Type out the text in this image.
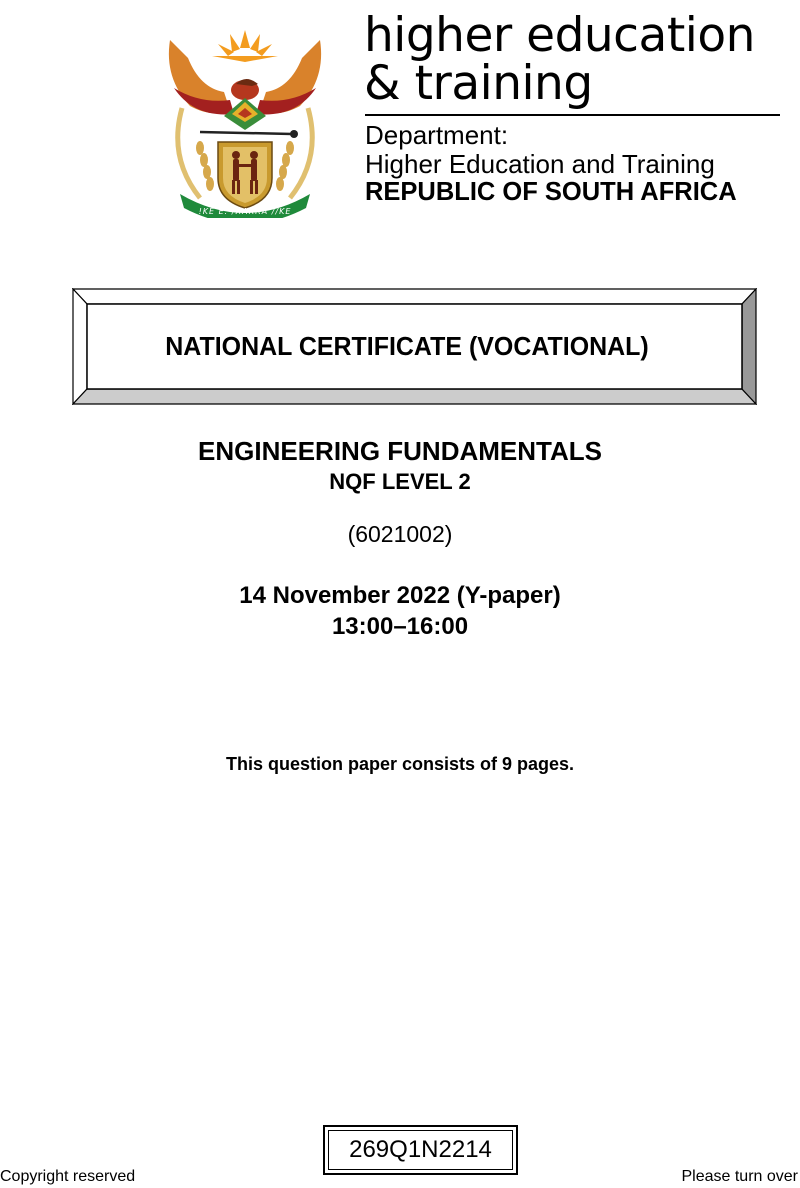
!KE E: /XARRA //KE
higher education
& training
Department:
Higher Education and Training
REPUBLIC OF SOUTH AFRICA
NATIONAL CERTIFICATE (VOCATIONAL)
ENGINEERING FUNDAMENTALS
NQF LEVEL 2
(6021002)
14 November 2022 (Y-paper)
13:00–16:00
This question paper consists of 9 pages.
269Q1N2214
Copyright reserved	Please turn over
